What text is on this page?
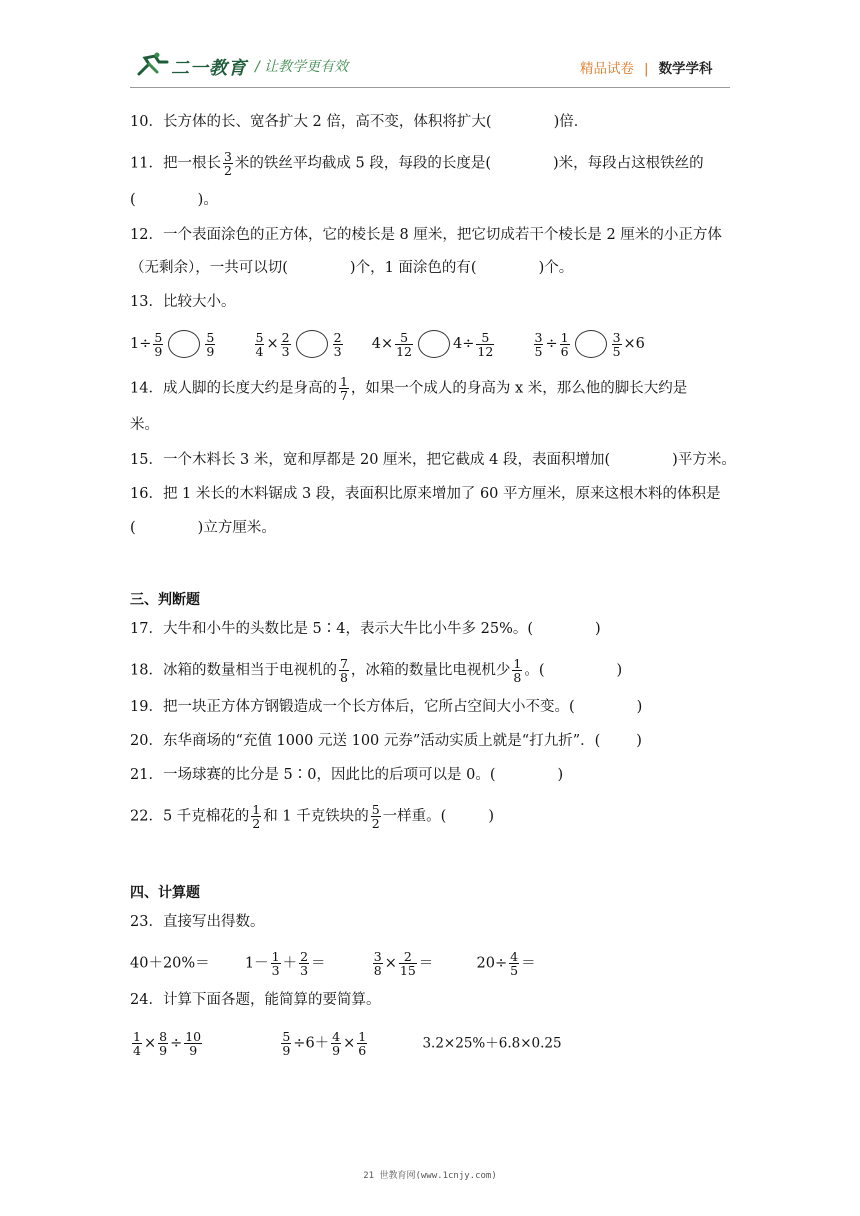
二一教育 / 让教学更有效	精品试卷 | 数学学科
10．长方体的长、宽各扩大 2 倍，高不变，体积将扩大(	)倍．
11．把一根长 $\frac{3}{2}$ 米的铁丝平均截成 5 段，每段的长度是(	)米，每段占这根铁丝的
(	)。
12．一个表面涂色的正方体，它的棱长是 8 厘米，把它切成若干个棱长是 2 厘米的小正方体
（无剩余），一共可以切(	)个，1 面涂色的有(	)个。
13．比较大小。
$1\div \frac{5}{9}$	$\frac{5}{9}$
	$\frac{5}{4} \times \frac{2}{3}$	$\frac{2}{3} 4\times \frac{5}{12}$	$4\div \frac{5}{12}$
	$\frac{3}{5} \div \frac{1}{6}$	$\frac{3}{5} \times 6$
14．成人脚的长度大约是身高的 $\frac{1}{7}$ ，如果一个成人的身高为 x 米，那么他的脚长大约是
米。
15．一个木料长 3 米，宽和厚都是 20 厘米，把它截成 4 段，表面积增加(	)平方米。
16．把 1 米长的木料锯成 3 段，表面积比原来增加了 60 平方厘米，原来这根木料的体积是
(	)立方厘米。
三、判断题
17．大牛和小牛的头数比是 5∶4，表示大牛比小牛多 25%。(	)
18．冰箱的数量相当于电视机的 $\frac{7}{8}$ ，冰箱的数量比电视机少 $\frac{1}{8}$ 。(	)
19．把一块正方体方钢锻造成一个长方体后，它所占空间大小不变。(	)
20．东华商场的“充值 1000 元送 100 元券”活动实质上就是“打九折”．( )
21．一场球赛的比分是 5∶0，因此比的后项可以是 0。(	)
22．5 千克棉花的 $\frac{1}{2}$ 和 1 千克铁块的 $\frac{5}{2}$ 一样重。(	)
四、计算题
23．直接写出得数。
$40+20\%= 1- \frac{1}{3} + \frac{2}{3}$ ＝	$\frac{3}{8} \times \frac{2}{15}$ ＝	$20\div \frac{4}{5}$ ＝
24．计算下面各题，能简算的要简算。
$\frac{1}{4} \times \frac{8}{9} \div \frac{10}{9}$
	$\frac{5}{9} \div 6+ \frac{4}{9} \times \frac{1}{6}$	3.2×25%＋6.8×0.25
21 世教育网(www.1cnjy.com)
